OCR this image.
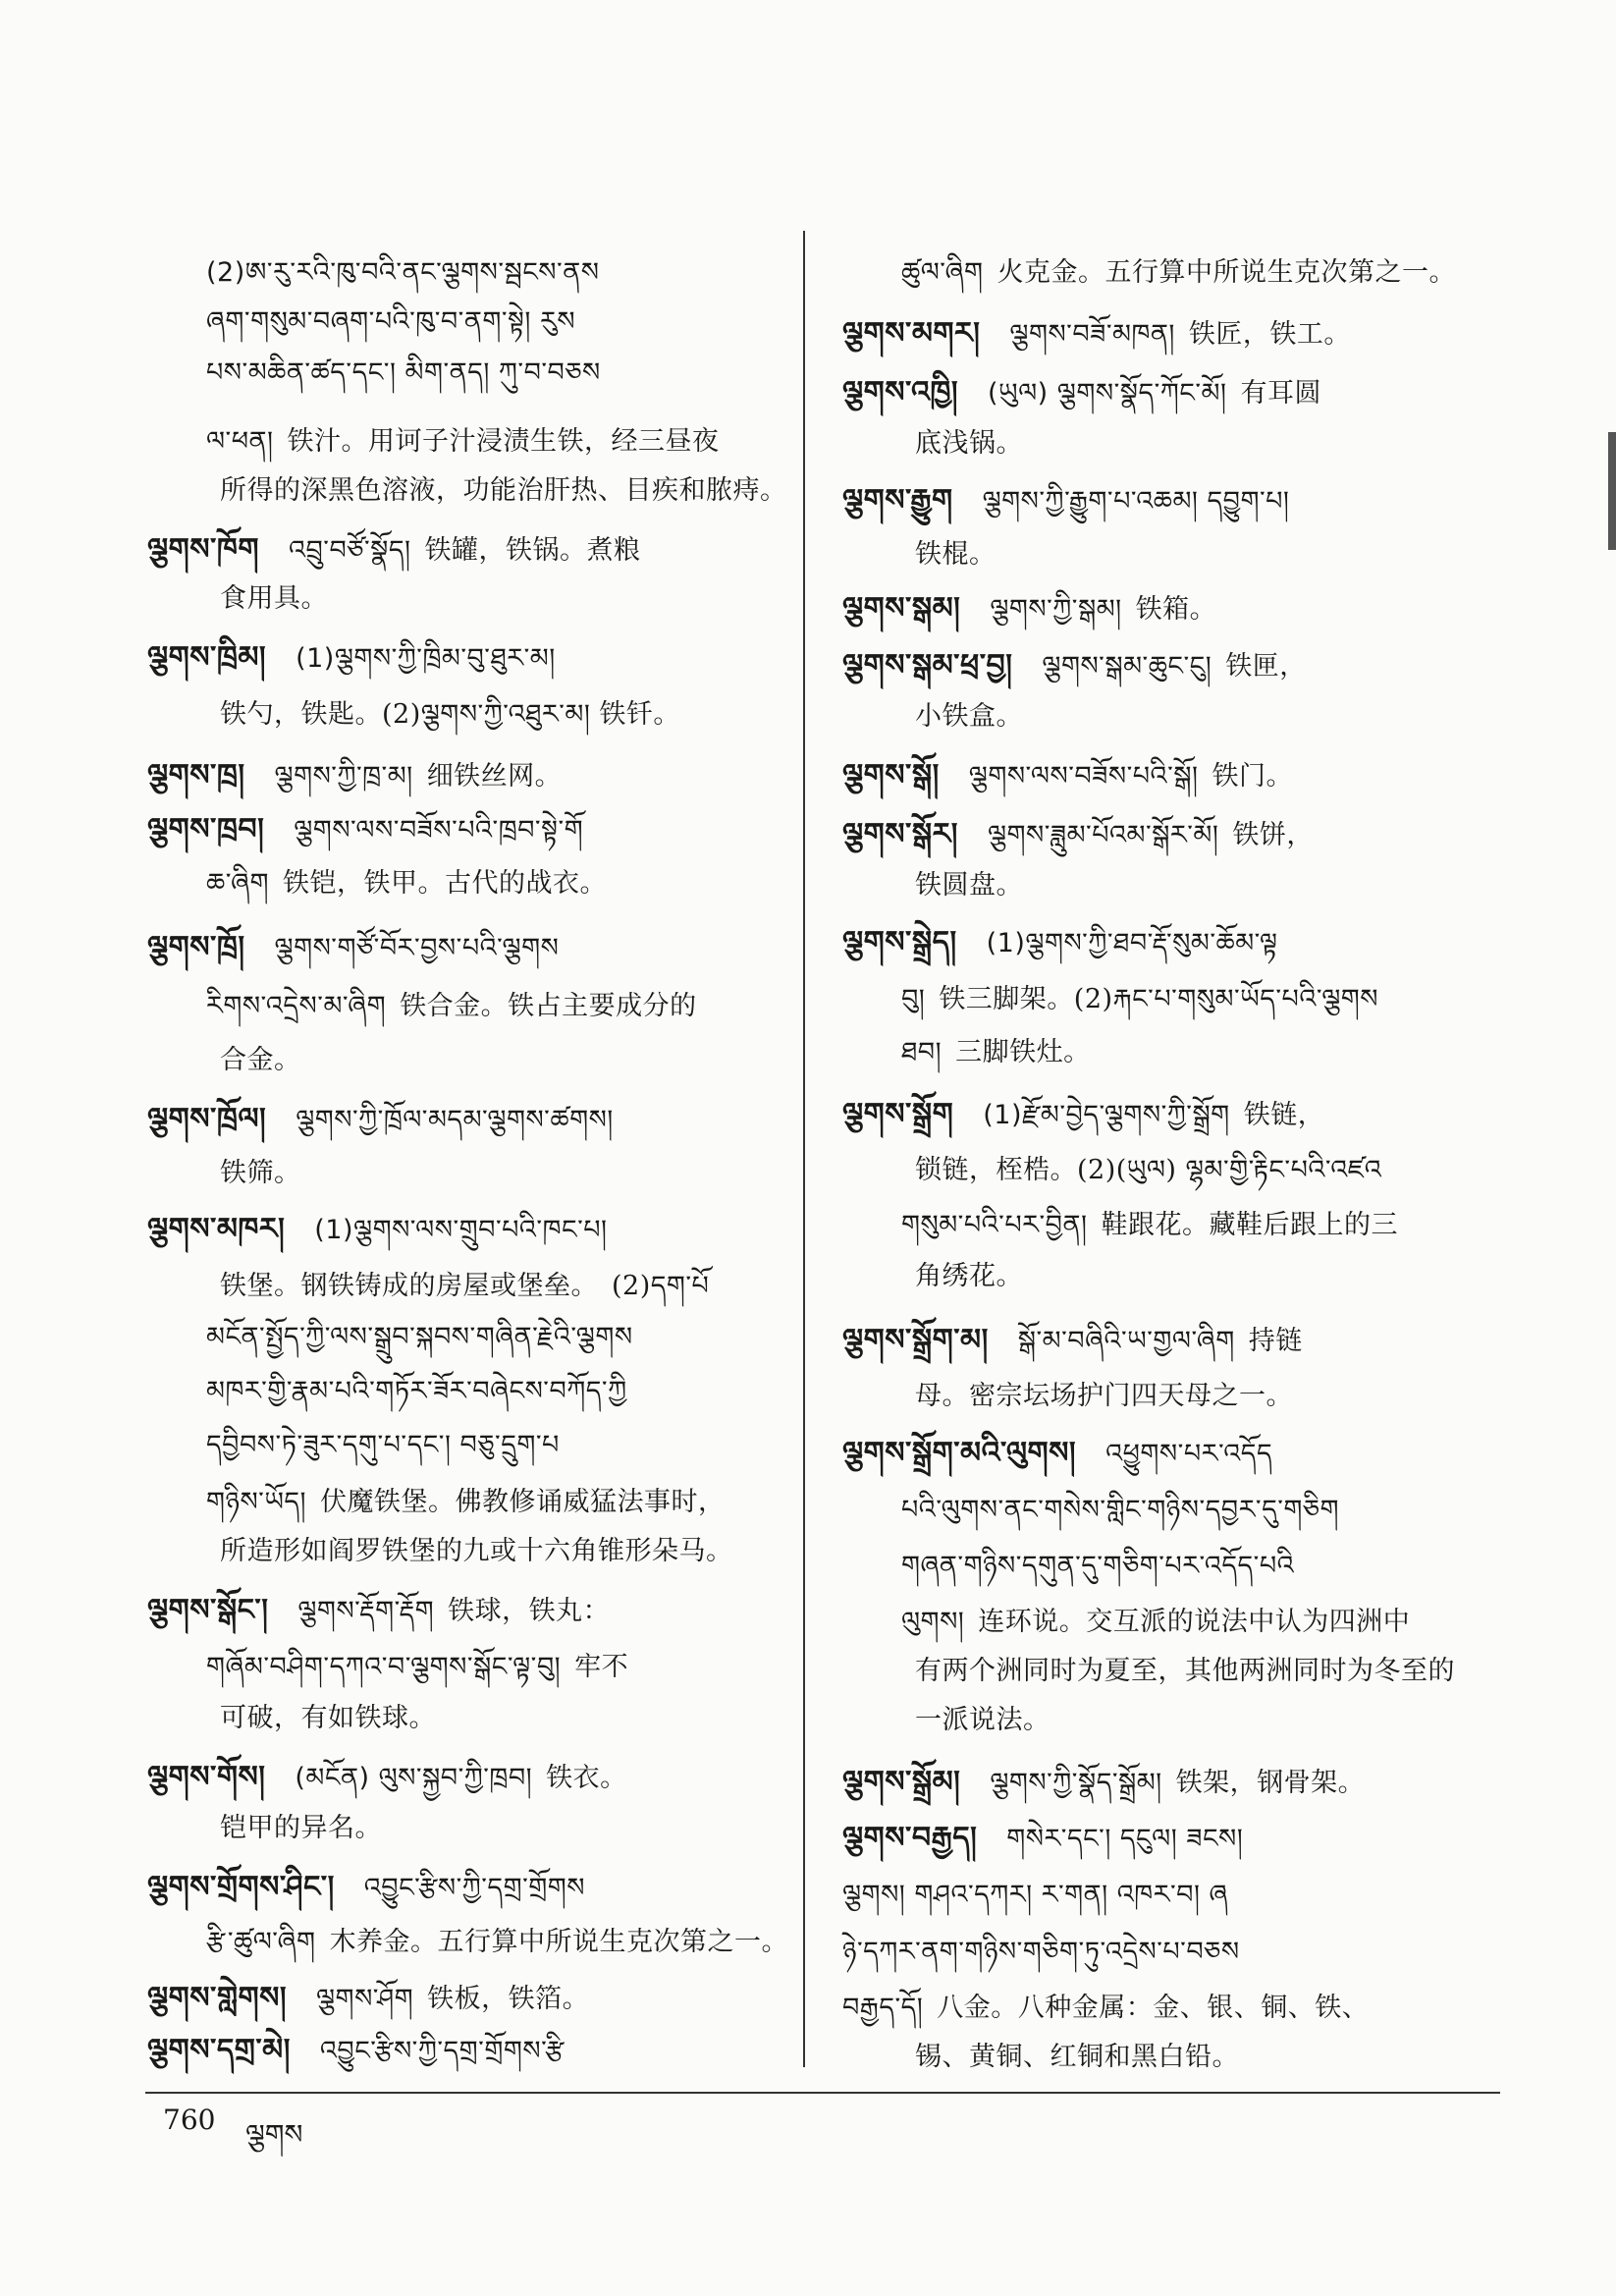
(2)ཨ་རུ་རའི་ཁུ་བའི་ནང་ལྕགས་སྦངས་ནས
ཞག་གསུམ་བཞག་པའི་ཁུ་བ་ནག་སྟེ། རུས
པས་མཆིན་ཚད་དང་། མིག་ནད། ཀུ་བ་བཅས
ལ་ཕན། 铁汁。用诃子汁浸渍生铁，经三昼夜
所得的深黑色溶液，功能治肝热、目疾和脓痔。
ལྕགས་ཁོག འབྲུ་བཙོ་སྣོད། 铁罐，铁锅。煮粮
食用具。
ལྕགས་ཁྲིམ། (1)ལྕགས་ཀྱི་ཁྲིམ་བུ་ཐུར་མ།
铁勺，铁匙。(2)ལྕགས་ཀྱི་འཐུར་མ། 铁钎。
ལྕགས་ཁྲ། ལྕགས་ཀྱི་ཁྲ་མ། 细铁丝网。
ལྕགས་ཁྲབ། ལྕགས་ལས་བཟོས་པའི་ཁྲབ་སྟེ་གོ
ཆ་ཞིག 铁铠，铁甲。古代的战衣。
ལྕགས་ཁྲོ། ལྕགས་གཙོ་བོར་བྱས་པའི་ལྕགས
རིགས་འདྲེས་མ་ཞིག 铁合金。铁占主要成分的
合金。
ལྕགས་ཁྲོལ། ལྕགས་ཀྱི་ཁྲོལ་མདམ་ལྕགས་ཚགས།
铁筛。
ལྕགས་མཁར། (1)ལྕགས་ལས་གྲུབ་པའི་ཁང་པ།
铁堡。钢铁铸成的房屋或堡垒。 (2)དག་པོ
མངོན་སྤྱོད་ཀྱི་ལས་སྒྲུབ་སྐབས་གཞིན་རྗེའི་ལྕགས
མཁར་གྱི་རྣམ་པའི་གཏོར་ཟོར་བཞེངས་བཀོད་ཀྱི
དབྱིབས་ཏེ་ཟུར་དགུ་པ་དང་། བཅུ་དྲུག་པ
གཉིས་ཡོད། 伏魔铁堡。佛教修诵威猛法事时，
所造形如阎罗铁堡的九或十六角锥形朵马。
ལྕགས་སྒོང་། ལྕགས་རྡོག་རྡོག 铁球，铁丸：
གཞོམ་བཤིག་དཀའ་བ་ལྕགས་སྒོང་ལྟ་བུ། 牢不
可破，有如铁球。
ལྕགས་གོས། (མངོན) ལུས་སྐྱབ་ཀྱི་ཁྲབ། 铁衣。
铠甲的异名。
ལྕགས་གྲོགས་ཤིང་། འབྱུང་རྩིས་ཀྱི་དགྲ་གྲོགས
རྩི་ཚུལ་ཞིག 木养金。五行算中所说生克次第之一。
ལྕགས་གླེགས། ལྕགས་ཤོག 铁板，铁箔。
ལྕགས་དགྲ་མེ། འབྱུང་རྩིས་ཀྱི་དགྲ་གྲོགས་རྩི
ཚུལ་ཞིག 火克金。五行算中所说生克次第之一。
ལྕགས་མགར། ལྕགས་བཟོ་མཁན། 铁匠，铁工。
ལྕགས་འཁྱི། (ཡུལ) ལྕགས་སྣོད་ཀོང་མོ། 有耳圆
底浅锅。
ལྕགས་རྒྱུག ལྕགས་ཀྱི་རྒྱུག་པ་འཆམ། དབྱུག་པ།
铁棍。
ལྕགས་སྒམ། ལྕགས་ཀྱི་སྒམ། 铁箱。
ལྕགས་སྒམ་ཕྲ་བྱ། ལྕགས་སྒམ་ཆུང་ངུ། 铁匣，
小铁盒。
ལྕགས་སྒོ། ལྕགས་ལས་བཟོས་པའི་སྒོ། 铁门。
ལྕགས་སྒོར། ལྕགས་ཟླུམ་པོའམ་སྒོར་མོ། 铁饼，
铁圆盘。
ལྕགས་སྒྲེད། (1)ལྕགས་ཀྱི་ཐབ་རྡོ་སུམ་ཆོམ་ལྟ
བུ། 铁三脚架。(2)རྐང་པ་གསུམ་ཡོད་པའི་ལྕགས
ཐབ། 三脚铁灶。
ལྕགས་སྒྲོག (1)རྫོམ་བྱེད་ལྕགས་ཀྱི་སྒྲོག 铁链，
锁链，桎梏。(2)(ཡུལ) ལྷམ་གྱི་རྟིང་པའི་འཛའ
གསུམ་པའི་པར་བྱིན། 鞋跟花。藏鞋后跟上的三
角绣花。
ལྕགས་སྒྲོག་མ། སྒོ་མ་བཞིའི་ཡ་གྱལ་ཞིག 持链
母。密宗坛场护门四天母之一。
ལྕགས་སྒྲོག་མའི་ལུགས། འཕྱུགས་པར་འདོད
པའི་ལུགས་ནང་གསེས་གླིང་གཉིས་དབྱར་དུ་གཅིག
གཞན་གཉིས་དགུན་དུ་གཅིག་པར་འདོད་པའི
ལུགས། 连环说。交互派的说法中认为四洲中
有两个洲同时为夏至，其他两洲同时为冬至的
一派说法。
ལྕགས་སྒྲོམ། ལྕགས་ཀྱི་སྣོད་སྒྲོམ། 铁架，钢骨架。
ལྕགས་བརྒྱད། གསེར་དང་། དངུལ། ཟངས།
ལྕགས། གཤའ་དཀར། ར་གན། འཁར་བ། ཞ
ཉེ་དཀར་ནག་གཉིས་གཅིག་ཏུ་འདྲེས་པ་བཅས
བརྒྱད་དོ། 八金。八种金属：金、银、铜、铁、
锡、黄铜、红铜和黑白铅。
760 ལྕགས
